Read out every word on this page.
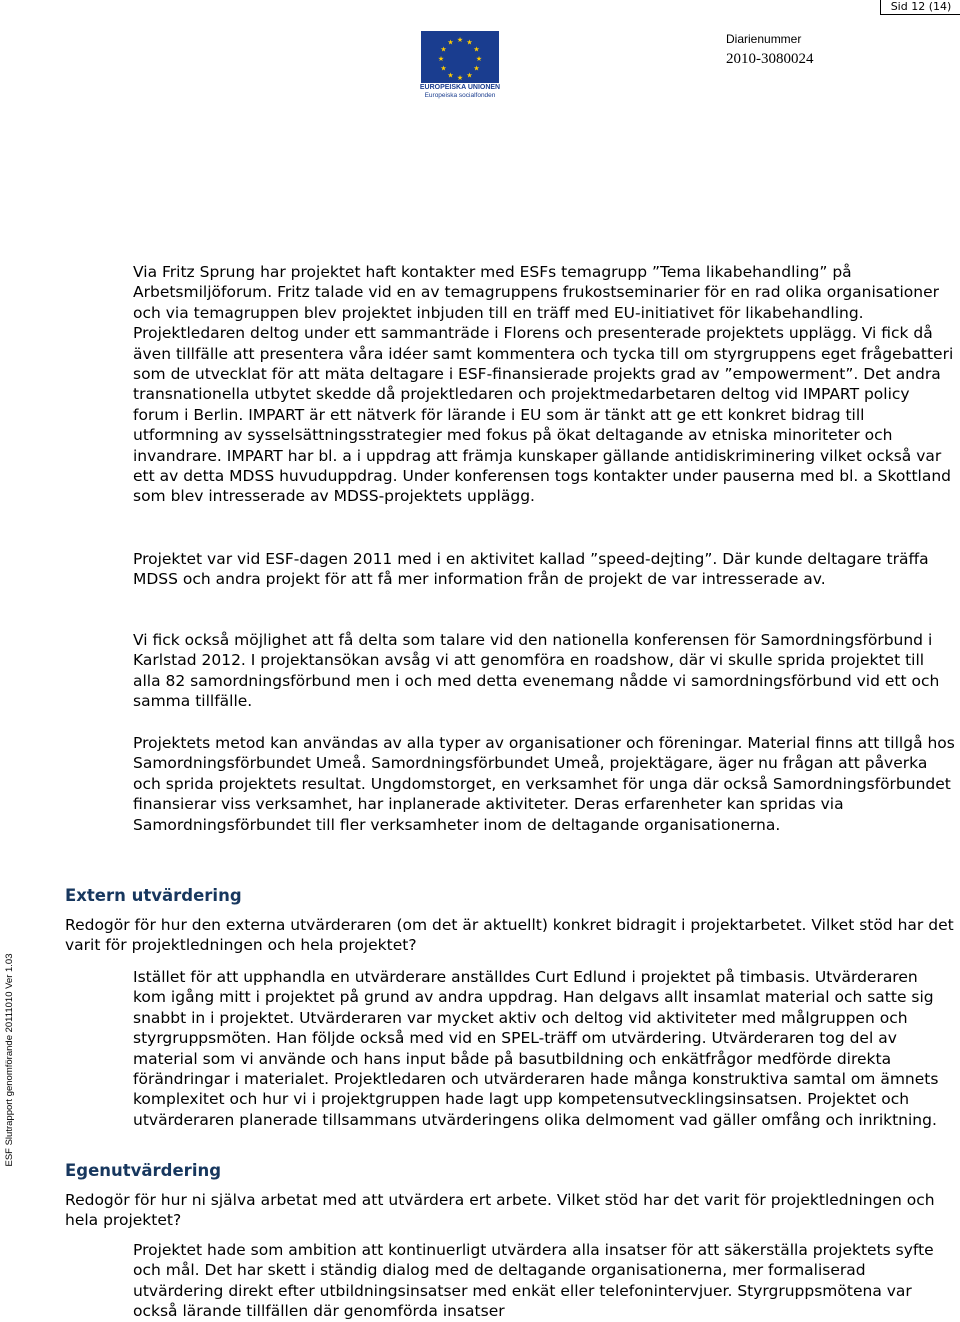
Sid 12 (14)
★ ★
★
★
★
★
★
★
★
★
★
★
EUROPEISKA UNIONEN
Europeiska socialfonden
Diarienummer
2010-3080024

Via Fritz Sprung har projektet haft kontakter med ESFs temagrupp ”Tema likabehandling” på Arbetsmiljöforum. Fritz talade vid en av temagruppens frukostseminarier för en rad olika organisationer och via temagruppen blev projektet inbjuden till en träff med EU-initiativet för likabehandling. Projektledaren deltog under ett sammanträde i Florens och presenterade projektets upplägg. Vi fick då även tillfälle att presentera våra idéer samt kommentera och tycka till om styrgruppens eget frågebatteri som de utvecklat för att mäta deltagare i ESF-finansierade projekts grad av ”empowerment”. Det andra transnationella utbytet skedde då projektledaren och projektmedarbetaren deltog vid IMPART policy forum i Berlin. IMPART är ett nätverk för lärande i EU som är tänkt att ge ett konkret bidrag till utformning av sysselsättningsstrategier med fokus på ökat deltagande av etniska minoriteter och invandrare. IMPART har bl. a i uppdrag att främja kunskaper gällande antidiskriminering vilket också var ett av detta MDSS huvuduppdrag. Under konferensen togs kontakter under pauserna med bl. a Skottland som blev intresserade av MDSS-projektets upplägg.

Projektet var vid ESF-dagen 2011 med i en aktivitet kallad ”speed-dejting”. Där kunde deltagare träffa MDSS och andra projekt för att få mer information från de projekt de var intresserade av.

Vi fick också möjlighet att få delta som talare vid den nationella konferensen för Samordningsförbund i Karlstad 2012. I projektansökan avsåg vi att genomföra en roadshow, där vi skulle sprida projektet till alla 82 samordningsförbund men i och med detta evenemang nådde vi samordningsförbund vid ett och samma tillfälle.

Projektets metod kan användas av alla typer av organisationer och föreningar. Material finns att tillgå hos Samordningsförbundet Umeå. Samordningsförbundet Umeå, projektägare, äger nu frågan att påverka och sprida projektets resultat. Ungdomstorget, en verksamhet för unga där också Samordningsförbundet finansierar viss verksamhet, har inplanerade aktiviteter. Deras erfarenheter kan spridas via Samordningsförbundet till fler verksamheter inom de deltagande organisationerna.

Extern utvärdering

Redogör för hur den externa utvärderaren (om det är aktuellt) konkret bidragit i projektarbetet. Vilket stöd har det varit för projektledningen och hela projektet?

Istället för att upphandla en utvärderare anställdes Curt Edlund i projektet på timbasis. Utvärderaren kom igång mitt i projektet på grund av andra uppdrag. Han delgavs allt insamlat material och satte sig snabbt in i projektet. Utvärderaren var mycket aktiv och deltog vid aktiviteter med målgruppen och styrgruppsmöten. Han följde också med vid en SPEL-träff om utvärdering. Utvärderaren tog del av material som vi använde och hans input både på basutbildning och enkätfrågor medförde direkta förändringar i materialet. Projektledaren och utvärderaren hade många konstruktiva samtal om ämnets komplexitet och hur vi i projektgruppen hade lagt upp kompetensutvecklingsinsatsen. Projektet och utvärderaren planerade tillsammans utvärderingens olika delmoment vad gäller omfång och inriktning.

Egenutvärdering

Redogör för hur ni själva arbetat med att utvärdera ert arbete. Vilket stöd har det varit för projektledningen och hela projektet?

Projektet hade som ambition att kontinuerligt utvärdera alla insatser för att säkerställa projektets syfte och mål. Det har skett i ständig dialog med de deltagande organisationerna, mer formaliserad utvärdering direkt efter utbildningsinsatser med enkät eller telefonintervjuer. Styrgruppsmötena var också lärande tillfällen där genomförda insatser

ESF Slutrapport genomförande 20111010 Ver 1.03
